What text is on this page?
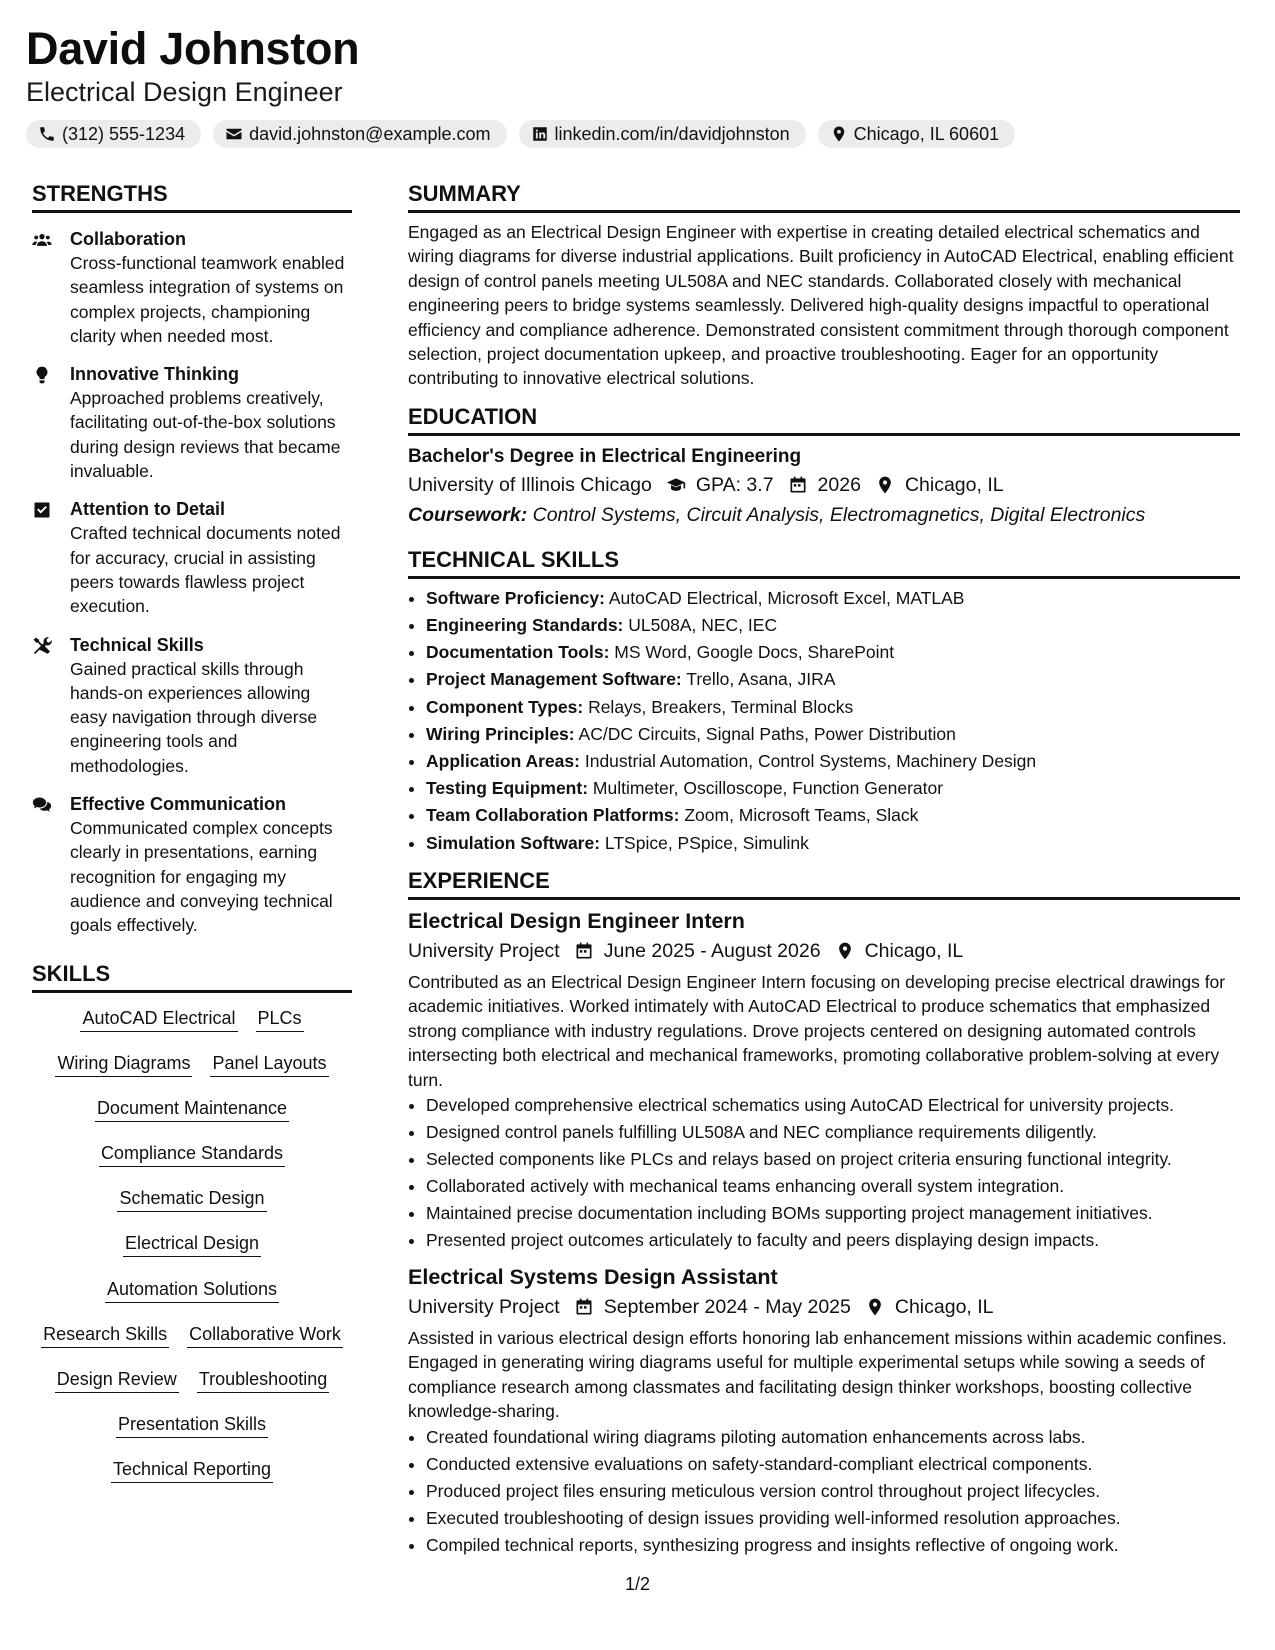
David Johnston
Electrical Design Engineer
(312) 555-1234	david.johnston@example.com	linkedin.com/in/davidjohnston	Chicago, IL 60601
STRENGTHS
Collaboration
Cross-functional teamwork enabled seamless integration of systems on complex projects, championing clarity when needed most.
Innovative Thinking
Approached problems creatively, facilitating out-of-the-box solutions during design reviews that became invaluable.
Attention to Detail
Crafted technical documents noted for accuracy, crucial in assisting peers towards flawless project execution.
Technical Skills
Gained practical skills through hands-on experiences allowing easy navigation through diverse engineering tools and methodologies.
Effective Communication
Communicated complex concepts clearly in presentations, earning recognition for engaging my audience and conveying technical goals effectively.
SKILLS
AutoCAD Electrical PLCs
Wiring Diagrams Panel Layouts
Document Maintenance
Compliance Standards
Schematic Design
Electrical Design
Automation Solutions
Research Skills Collaborative Work
Design Review Troubleshooting
Presentation Skills
Technical Reporting
SUMMARY
Engaged as an Electrical Design Engineer with expertise in creating detailed electrical schematics and wiring diagrams for diverse industrial applications. Built proficiency in AutoCAD Electrical, enabling efficient design of control panels meeting UL508A and NEC standards. Collaborated closely with mechanical engineering peers to bridge systems seamlessly. Delivered high-quality designs impactful to operational efficiency and compliance adherence. Demonstrated consistent commitment through thorough component selection, project documentation upkeep, and proactive troubleshooting. Eager for an opportunity contributing to innovative electrical solutions.
EDUCATION
Bachelor's Degree in Electrical Engineering
University of Illinois Chicago GPA: 3.7 2026 Chicago, IL
Coursework: Control Systems, Circuit Analysis, Electromagnetics, Digital Electronics
TECHNICAL SKILLS
• Software Proficiency: AutoCAD Electrical, Microsoft Excel, MATLAB
• Engineering Standards: UL508A, NEC, IEC
• Documentation Tools: MS Word, Google Docs, SharePoint
• Project Management Software: Trello, Asana, JIRA
• Component Types: Relays, Breakers, Terminal Blocks
• Wiring Principles: AC/DC Circuits, Signal Paths, Power Distribution
• Application Areas: Industrial Automation, Control Systems, Machinery Design
• Testing Equipment: Multimeter, Oscilloscope, Function Generator
• Team Collaboration Platforms: Zoom, Microsoft Teams, Slack
• Simulation Software: LTSpice, PSpice, Simulink
EXPERIENCE
Electrical Design Engineer Intern
University Project June 2025 - August 2026 Chicago, IL
Contributed as an Electrical Design Engineer Intern focusing on developing precise electrical drawings for academic initiatives. Worked intimately with AutoCAD Electrical to produce schematics that emphasized strong compliance with industry regulations. Drove projects centered on designing automated controls intersecting both electrical and mechanical frameworks, promoting collaborative problem-solving at every turn.
• Developed comprehensive electrical schematics using AutoCAD Electrical for university projects.
• Designed control panels fulfilling UL508A and NEC compliance requirements diligently.
• Selected components like PLCs and relays based on project criteria ensuring functional integrity.
• Collaborated actively with mechanical teams enhancing overall system integration.
• Maintained precise documentation including BOMs supporting project management initiatives.
• Presented project outcomes articulately to faculty and peers displaying design impacts.
Electrical Systems Design Assistant
University Project September 2024 - May 2025 Chicago, IL
Assisted in various electrical design efforts honoring lab enhancement missions within academic confines. Engaged in generating wiring diagrams useful for multiple experimental setups while sowing a seeds of compliance research among classmates and facilitating design thinker workshops, boosting collective knowledge-sharing.
• Created foundational wiring diagrams piloting automation enhancements across labs.
• Conducted extensive evaluations on safety-standard-compliant electrical components.
• Produced project files ensuring meticulous version control throughout project lifecycles.
• Executed troubleshooting of design issues providing well-informed resolution approaches.
• Compiled technical reports, synthesizing progress and insights reflective of ongoing work.
1/2
